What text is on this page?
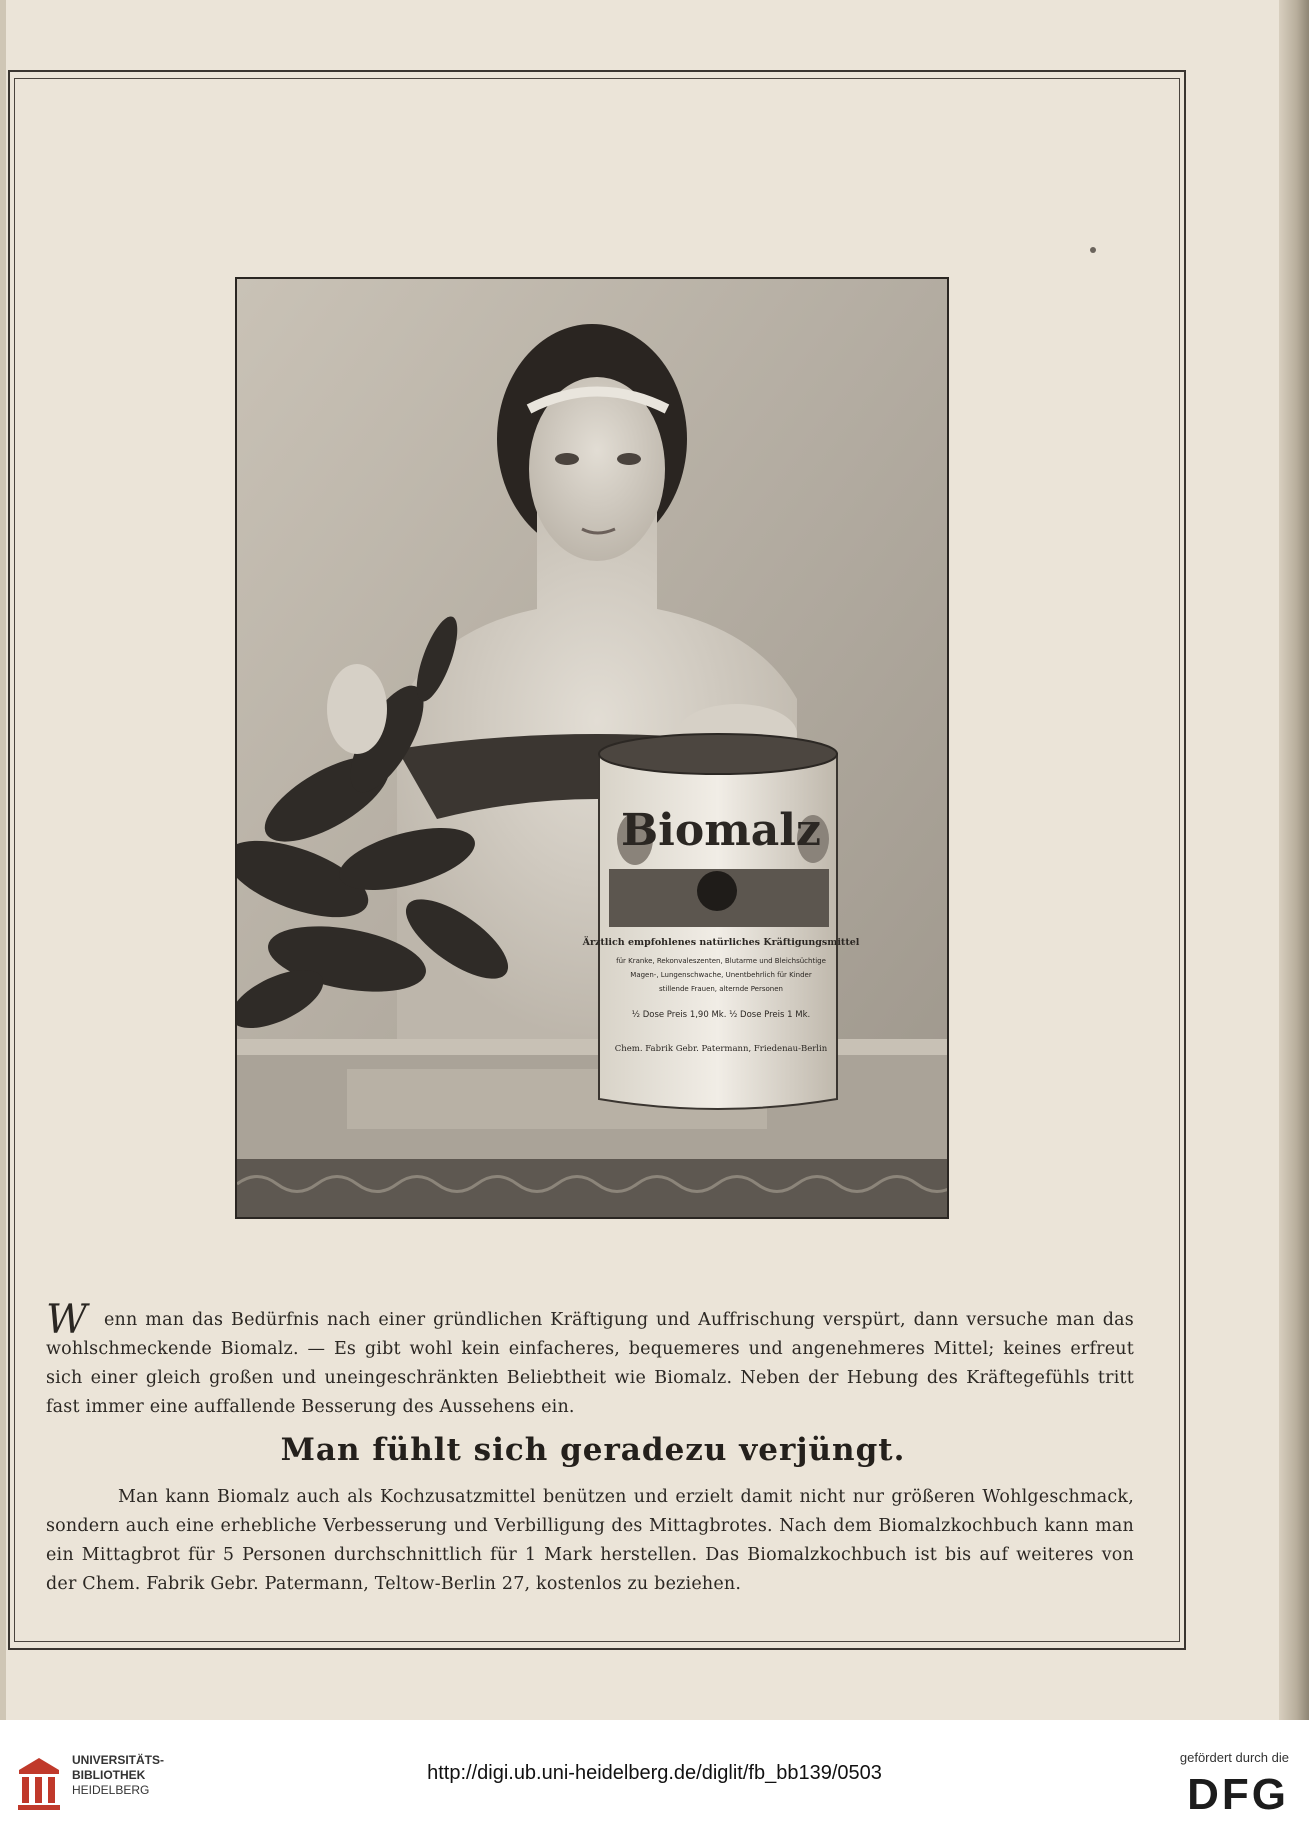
Biomalz
Ärztlich empfohlenes natürliches Kräftigungsmittel
für Kranke, Rekonvaleszenten, Blutarme und Bleichsüchtige
Magen-, Lungenschwache, Unentbehrlich für Kinder
stillende Frauen, alternde Personen
½ Dose Preis 1,90 Mk. ½ Dose Preis 1 Mk.
Chem. Fabrik Gebr. Patermann, Friedenau-Berlin
W enn man das Bedürfnis nach einer gründlichen Kräftigung und Auffrischung verspürt, dann versuche man das wohlschmeckende Biomalz. — Es gibt wohl kein einfacheres, bequemeres und angenehmeres Mittel; keines erfreut sich einer gleich großen und uneingeschränkten Beliebtheit wie Biomalz. Neben der Hebung des Kräftegefühls tritt fast immer eine auffallende Besserung des Aussehens ein.
Man fühlt sich geradezu verjüngt.
Man kann Biomalz auch als Kochzusatzmittel benützen und erzielt damit nicht nur größeren Wohlgeschmack, sondern auch eine erhebliche Verbesserung und Verbilligung des Mittagbrotes. Nach dem Biomalzkochbuch kann man ein Mittagbrot für 5 Personen durchschnittlich für 1 Mark herstellen. Das Biomalzkochbuch ist bis auf weiteres von der Chem. Fabrik Gebr. Patermann, Teltow-Berlin 27, kostenlos zu beziehen.
UNIVERSITÄTS-
BIBLIOTHEK
HEIDELBERG
http://digi.ub.uni-heidelberg.de/diglit/fb_bb139/0503
gefördert durch die
DFG
